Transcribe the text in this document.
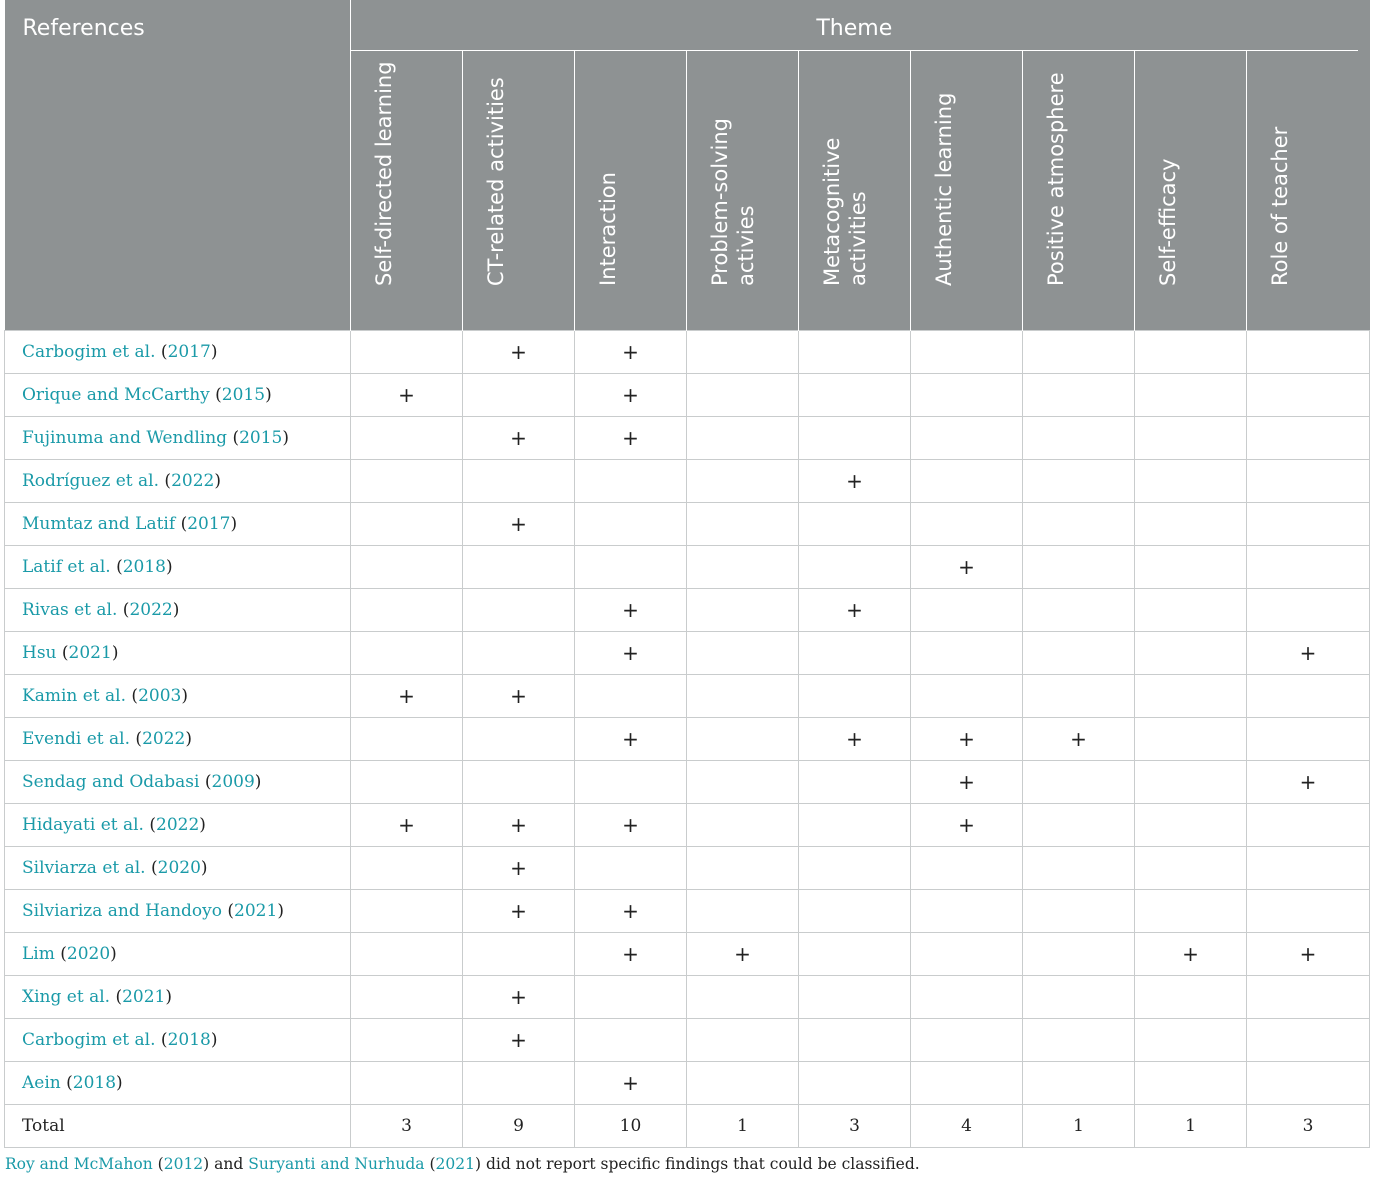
References	Theme								

	Self-directed learning	CT-related activities	Interaction	Problem-solving activies	Metacognitive activities	Authentic learning	Positive atmosphere	Self-efficacy	Role of teacher

Carbogim et al. (2017)		+	+						
Orique and McCarthy (2015)	+		+						
Fujinuma and Wendling (2015)		+	+						
Rodríguez et al. (2022)					+				
Mumtaz and Latif (2017)		+							
Latif et al. (2018)						+			
Rivas et al. (2022)			+		+				
Hsu (2021)			+						+
Kamin et al. (2003)	+	+							
Evendi et al. (2022)			+		+	+	+		
Sendag and Odabasi (2009)						+			+
Hidayati et al. (2022)	+	+	+			+			
Silviarza et al. (2020)		+							
Silviariza and Handoyo (2021)		+	+						
Lim (2020)			+	+				+	+
Xing et al. (2021)		+							
Carbogim et al. (2018)		+							
Aein (2018)			+						
Total	3	9	10	1	3	4	1	1	3
Roy and McMahon (2012) and Suryanti and Nurhuda (2021) did not report specific findings that could be classified.
